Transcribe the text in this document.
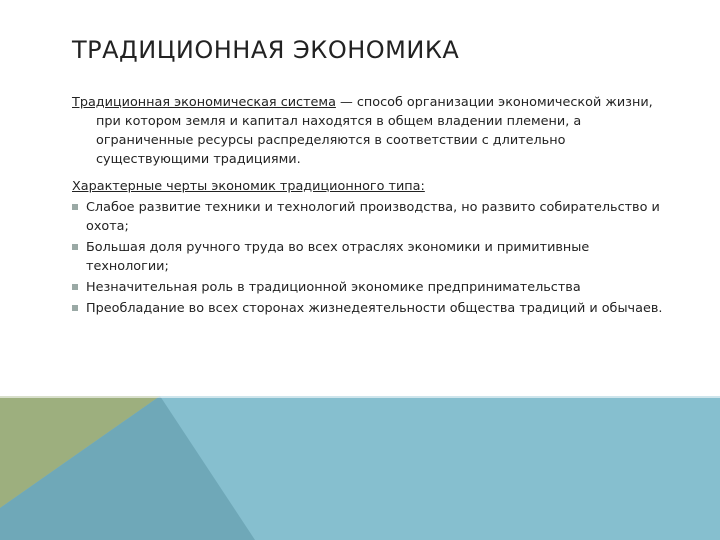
ТРАДИЦИОННАЯ ЭКОНОМИКА

Традиционная экономическая система — способ организации экономической жизни, при котором земля и капитал находятся в общем владении племени, а ограниченные ресурсы распределяются в соответствии с длительно существующими традициями.

Характерные черты экономик традиционного типа:

Слабое развитие техники и технологий производства, но развито собирательство и охота;
Большая доля ручного труда во всех отраслях экономики и примитивные технологии;
Незначительная роль в традиционной экономике предпринимательства
Преобладание во всех сторонах жизнедеятельности общества традиций и обычаев.
